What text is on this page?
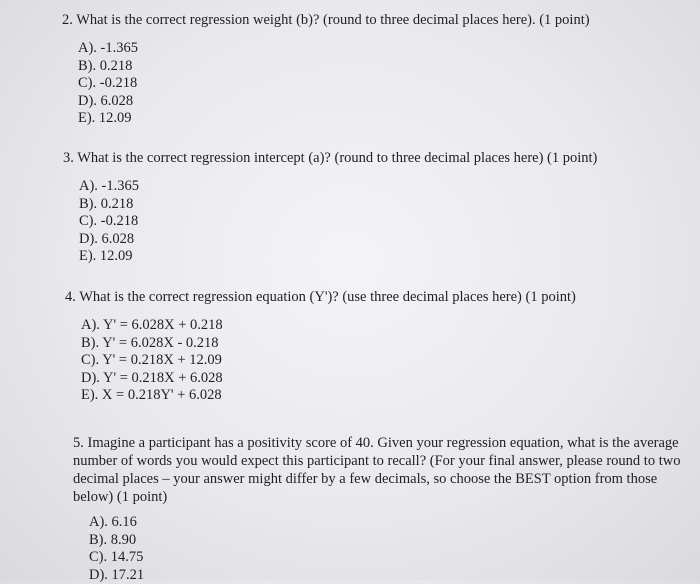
2. What is the correct regression weight (b)? (round to three decimal places here). (1 point)
A). -1.365
B). 0.218
C). -0.218
D). 6.028
E). 12.09
3. What is the correct regression intercept (a)? (round to three decimal places here) (1 point)
A). -1.365
B). 0.218
C). -0.218
D). 6.028
E). 12.09
4. What is the correct regression equation (Y')? (use three decimal places here) (1 point)
A). Y' = 6.028X + 0.218
B). Y' = 6.028X - 0.218
C). Y' = 0.218X + 12.09
D). Y' = 0.218X + 6.028
E). X = 0.218Y' + 6.028
5. Imagine a participant has a positivity score of 40. Given your regression equation, what is the average number of words you would expect this participant to recall? (For your final answer, please round to two decimal places – your answer might differ by a few decimals, so choose the BEST option from those below) (1 point)
A). 6.16
B). 8.90
C). 14.75
D). 17.21
